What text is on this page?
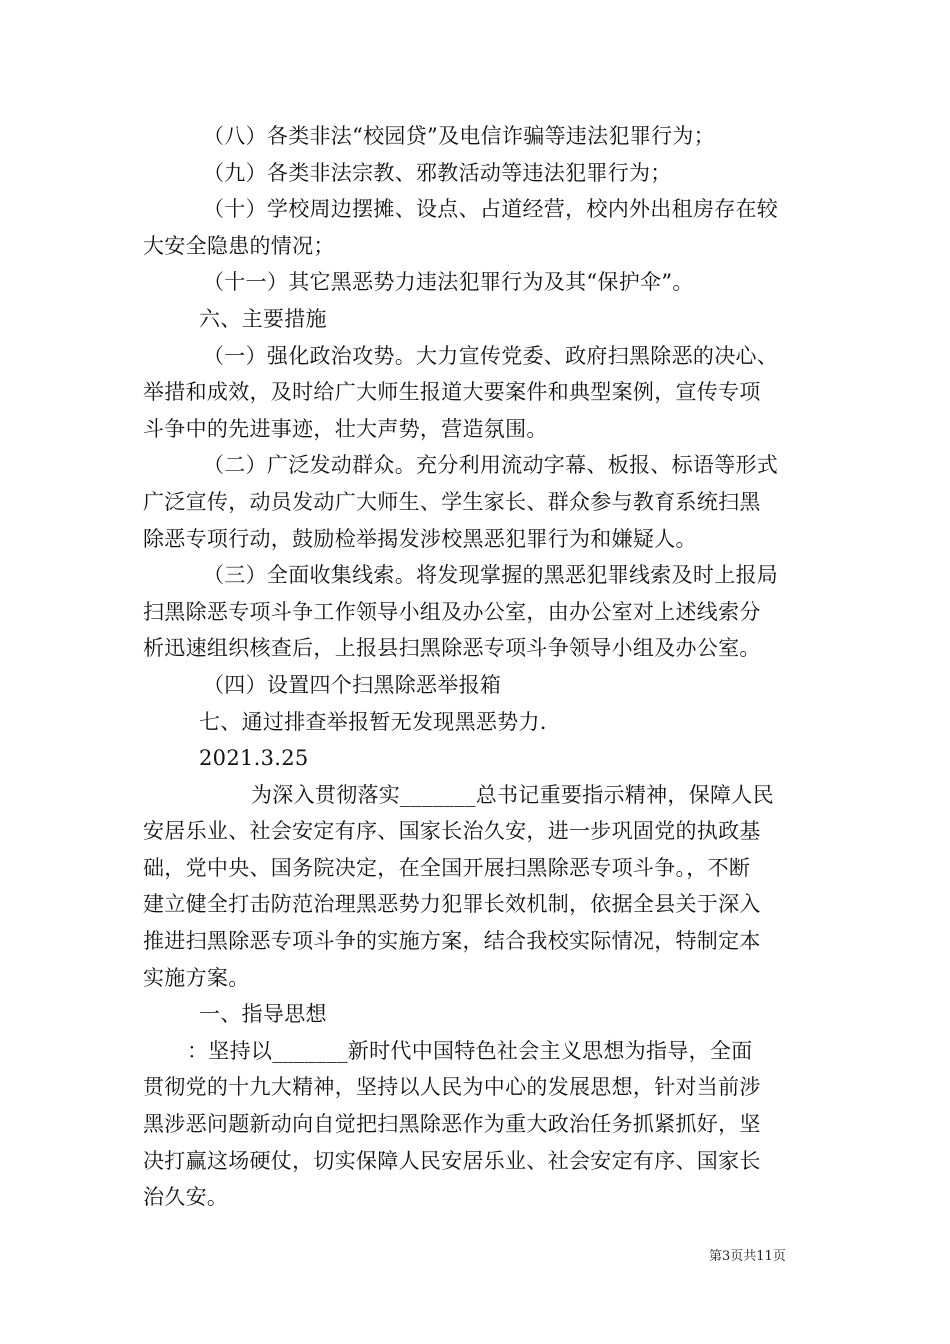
（八）各类非法“校园贷”及电信诈骗等违法犯罪行为；
（九）各类非法宗教、邪教活动等违法犯罪行为；
（十）学校周边摆摊、设点、占道经营，校内外出租房存在较
大安全隐患的情况；
（十一）其它黑恶势力违法犯罪行为及其“保护伞”。
六、主要措施
（一）强化政治攻势。大力宣传党委、政府扫黑除恶的决心、
举措和成效，及时给广大师生报道大要案件和典型案例，宣传专项
斗争中的先进事迹，壮大声势，营造氛围。
（二）广泛发动群众。充分利用流动字幕、板报、标语等形式
广泛宣传，动员发动广大师生、学生家长、群众参与教育系统扫黑
除恶专项行动，鼓励检举揭发涉校黑恶犯罪行为和嫌疑人。
（三）全面收集线索。将发现掌握的黑恶犯罪线索及时上报局
扫黑除恶专项斗争工作领导小组及办公室，由办公室对上述线索分
析迅速组织核查后，上报县扫黑除恶专项斗争领导小组及办公室。
（四）设置四个扫黑除恶举报箱
七、通过排查举报暂无发现黑恶势力.
2021.3.25
为深入贯彻落实_______总书记重要指示精神，保障人民
安居乐业、社会安定有序、国家长治久安，进一步巩固党的执政基
础，党中央、国务院决定，在全国开展扫黑除恶专项斗争。，不断
建立健全打击防范治理黑恶势力犯罪长效机制，依据全县关于深入
推进扫黑除恶专项斗争的实施方案，结合我校实际情况，特制定本
实施方案。
一、指导思想
：坚持以_______新时代中国特色社会主义思想为指导，全面
贯彻党的十九大精神，坚持以人民为中心的发展思想，针对当前涉
黑涉恶问题新动向自觉把扫黑除恶作为重大政治任务抓紧抓好，坚
决打赢这场硬仗，切实保障人民安居乐业、社会安定有序、国家长
治久安。
第3页共11页
